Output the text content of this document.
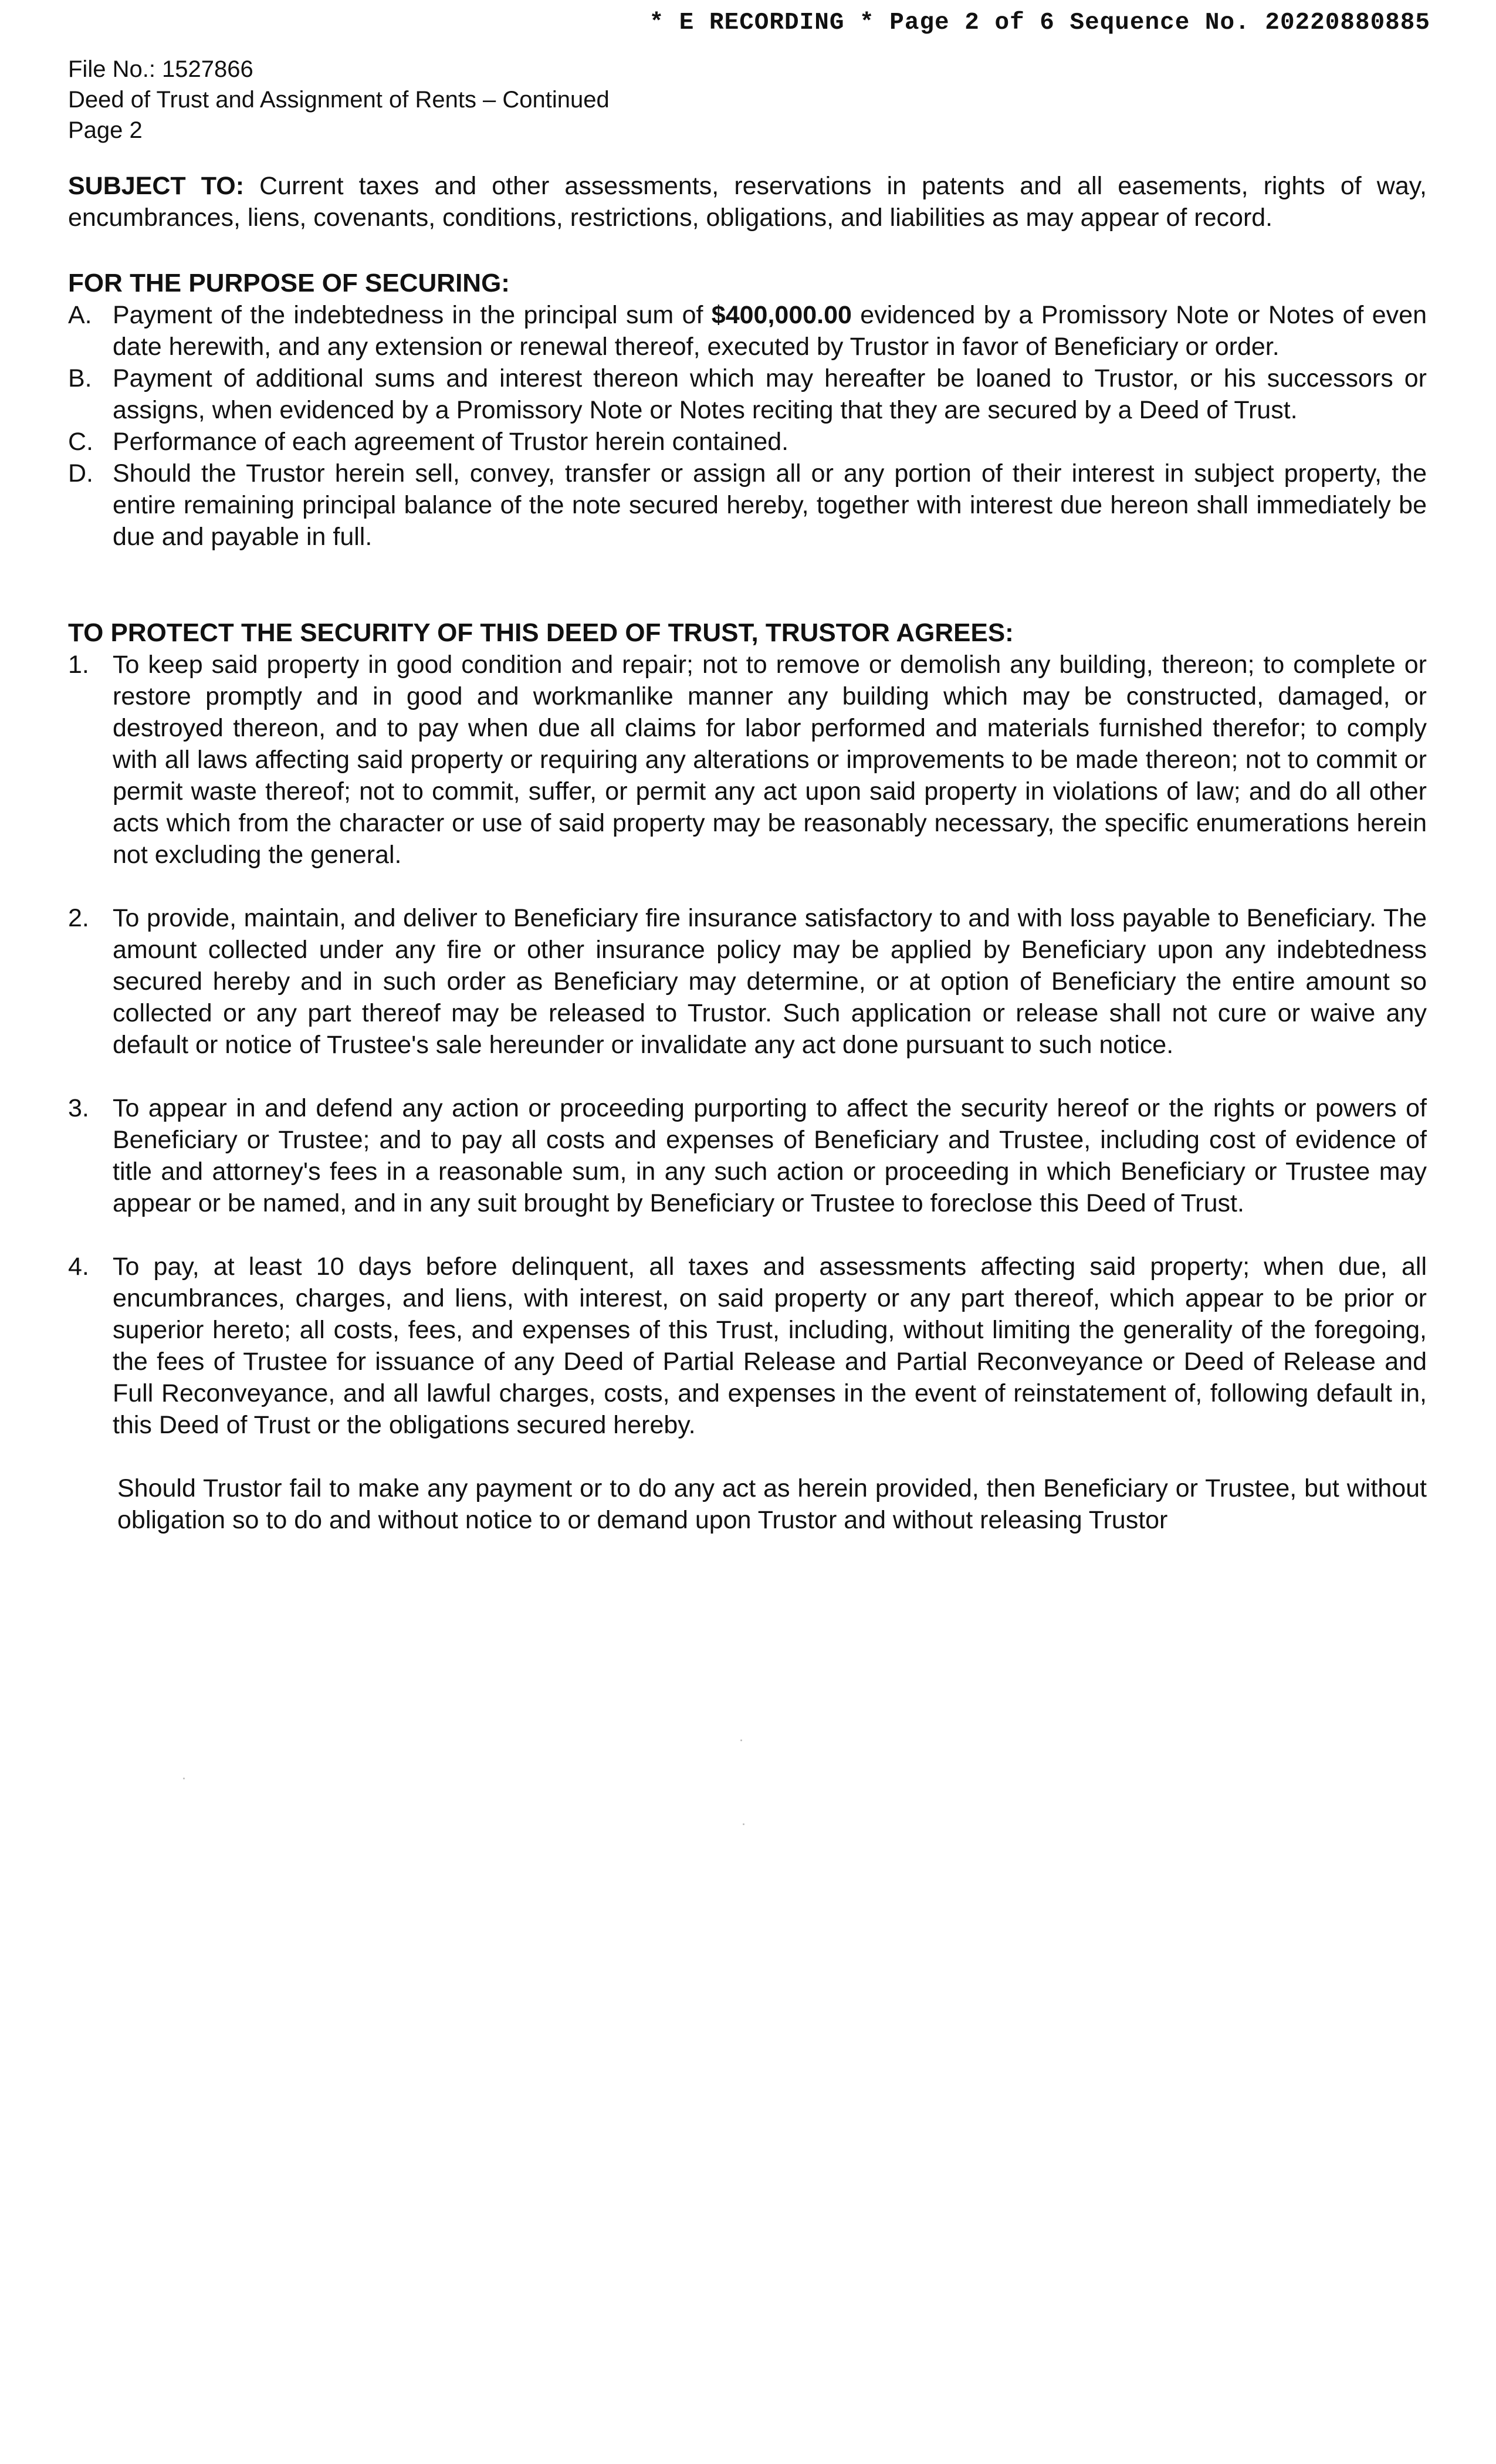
* E RECORDING * Page 2 of 6 Sequence No. 20220880885
File No.: 1527866
Deed of Trust and Assignment of Rents – Continued
Page 2

SUBJECT TO: Current taxes and other assessments, reservations in patents and all easements, rights of way, encumbrances, liens, covenants, conditions, restrictions, obligations, and liabilities as may appear of record.

FOR THE PURPOSE OF SECURING:

A. Payment of the indebtedness in the principal sum of $400,000.00 evidenced by a Promissory Note or Notes of even date herewith, and any extension or renewal thereof, executed by Trustor in favor of Beneficiary or order.
B. Payment of additional sums and interest thereon which may hereafter be loaned to Trustor, or his successors or assigns, when evidenced by a Promissory Note or Notes reciting that they are secured by a Deed of Trust.
C. Performance of each agreement of Trustor herein contained.
D. Should the Trustor herein sell, convey, transfer or assign all or any portion of their interest in subject property, the entire remaining principal balance of the note secured hereby, together with interest due hereon shall immediately be due and payable in full.

TO PROTECT THE SECURITY OF THIS DEED OF TRUST, TRUSTOR AGREES:

1. To keep said property in good condition and repair; not to remove or demolish any building, thereon; to complete or restore promptly and in good and workmanlike manner any building which may be constructed, damaged, or destroyed thereon, and to pay when due all claims for labor performed and materials furnished therefor; to comply with all laws affecting said property or requiring any alterations or improvements to be made thereon; not to commit or permit waste thereof; not to commit, suffer, or permit any act upon said property in violations of law; and do all other acts which from the character or use of said property may be reasonably necessary, the specific enumerations herein not excluding the general.
2. To provide, maintain, and deliver to Beneficiary fire insurance satisfactory to and with loss payable to Beneficiary. The amount collected under any fire or other insurance policy may be applied by Beneficiary upon any indebtedness secured hereby and in such order as Beneficiary may determine, or at option of Beneficiary the entire amount so collected or any part thereof may be released to Trustor. Such application or release shall not cure or waive any default or notice of Trustee's sale hereunder or invalidate any act done pursuant to such notice.
3. To appear in and defend any action or proceeding purporting to affect the security hereof or the rights or powers of Beneficiary or Trustee; and to pay all costs and expenses of Beneficiary and Trustee, including cost of evidence of title and attorney's fees in a reasonable sum, in any such action or proceeding in which Beneficiary or Trustee may appear or be named, and in any suit brought by Beneficiary or Trustee to foreclose this Deed of Trust.
4. To pay, at least 10 days before delinquent, all taxes and assessments affecting said property; when due, all encumbrances, charges, and liens, with interest, on said property or any part thereof, which appear to be prior or superior hereto; all costs, fees, and expenses of this Trust, including, without limiting the generality of the foregoing, the fees of Trustee for issuance of any Deed of Partial Release and Partial Reconveyance or Deed of Release and Full Reconveyance, and all lawful charges, costs, and expenses in the event of reinstatement of, following default in, this Deed of Trust or the obligations secured hereby.

Should Trustor fail to make any payment or to do any act as herein provided, then Beneficiary or Trustee, but without obligation so to do and without notice to or demand upon Trustor and without releasing Trustor
